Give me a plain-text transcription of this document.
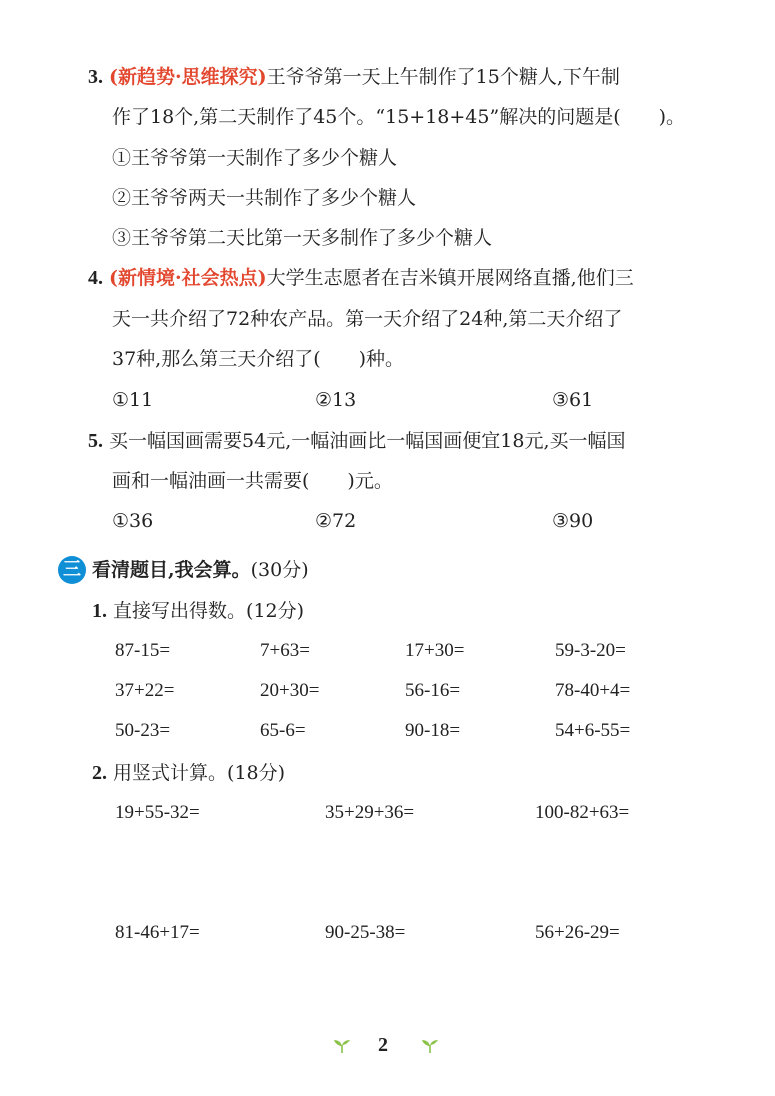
3. (新趋势·思维探究)王爷爷第一天上午制作了15个糖人,下午制
作了18个,第二天制作了45个。“15+18+45”解决的问题是(　　)。
①王爷爷第一天制作了多少个糖人
②王爷爷两天一共制作了多少个糖人
③王爷爷第二天比第一天多制作了多少个糖人
4. (新情境·社会热点)大学生志愿者在吉米镇开展网络直播,他们三
天一共介绍了72种农产品。第一天介绍了24种,第二天介绍了
37种,那么第三天介绍了(　　)种。
①11	②13	③61
5. 买一幅国画需要54元,一幅油画比一幅国画便宜18元,买一幅国
画和一幅油画一共需要(　　)元。
①36	②72	③90
三 看清题目,我会算。(30分)
1. 直接写出得数。(12分)
87-15=	7+63=	17+30=	59-3-20=
37+22=	20+30=	56-16=	78-40+4=
50-23=	65-6=	90-18=	54+6-55=
2. 用竖式计算。(18分)
19+55-32=	35+29+36=	100-82+63=
81-46+17=	90-25-38=	56+26-29=
2
